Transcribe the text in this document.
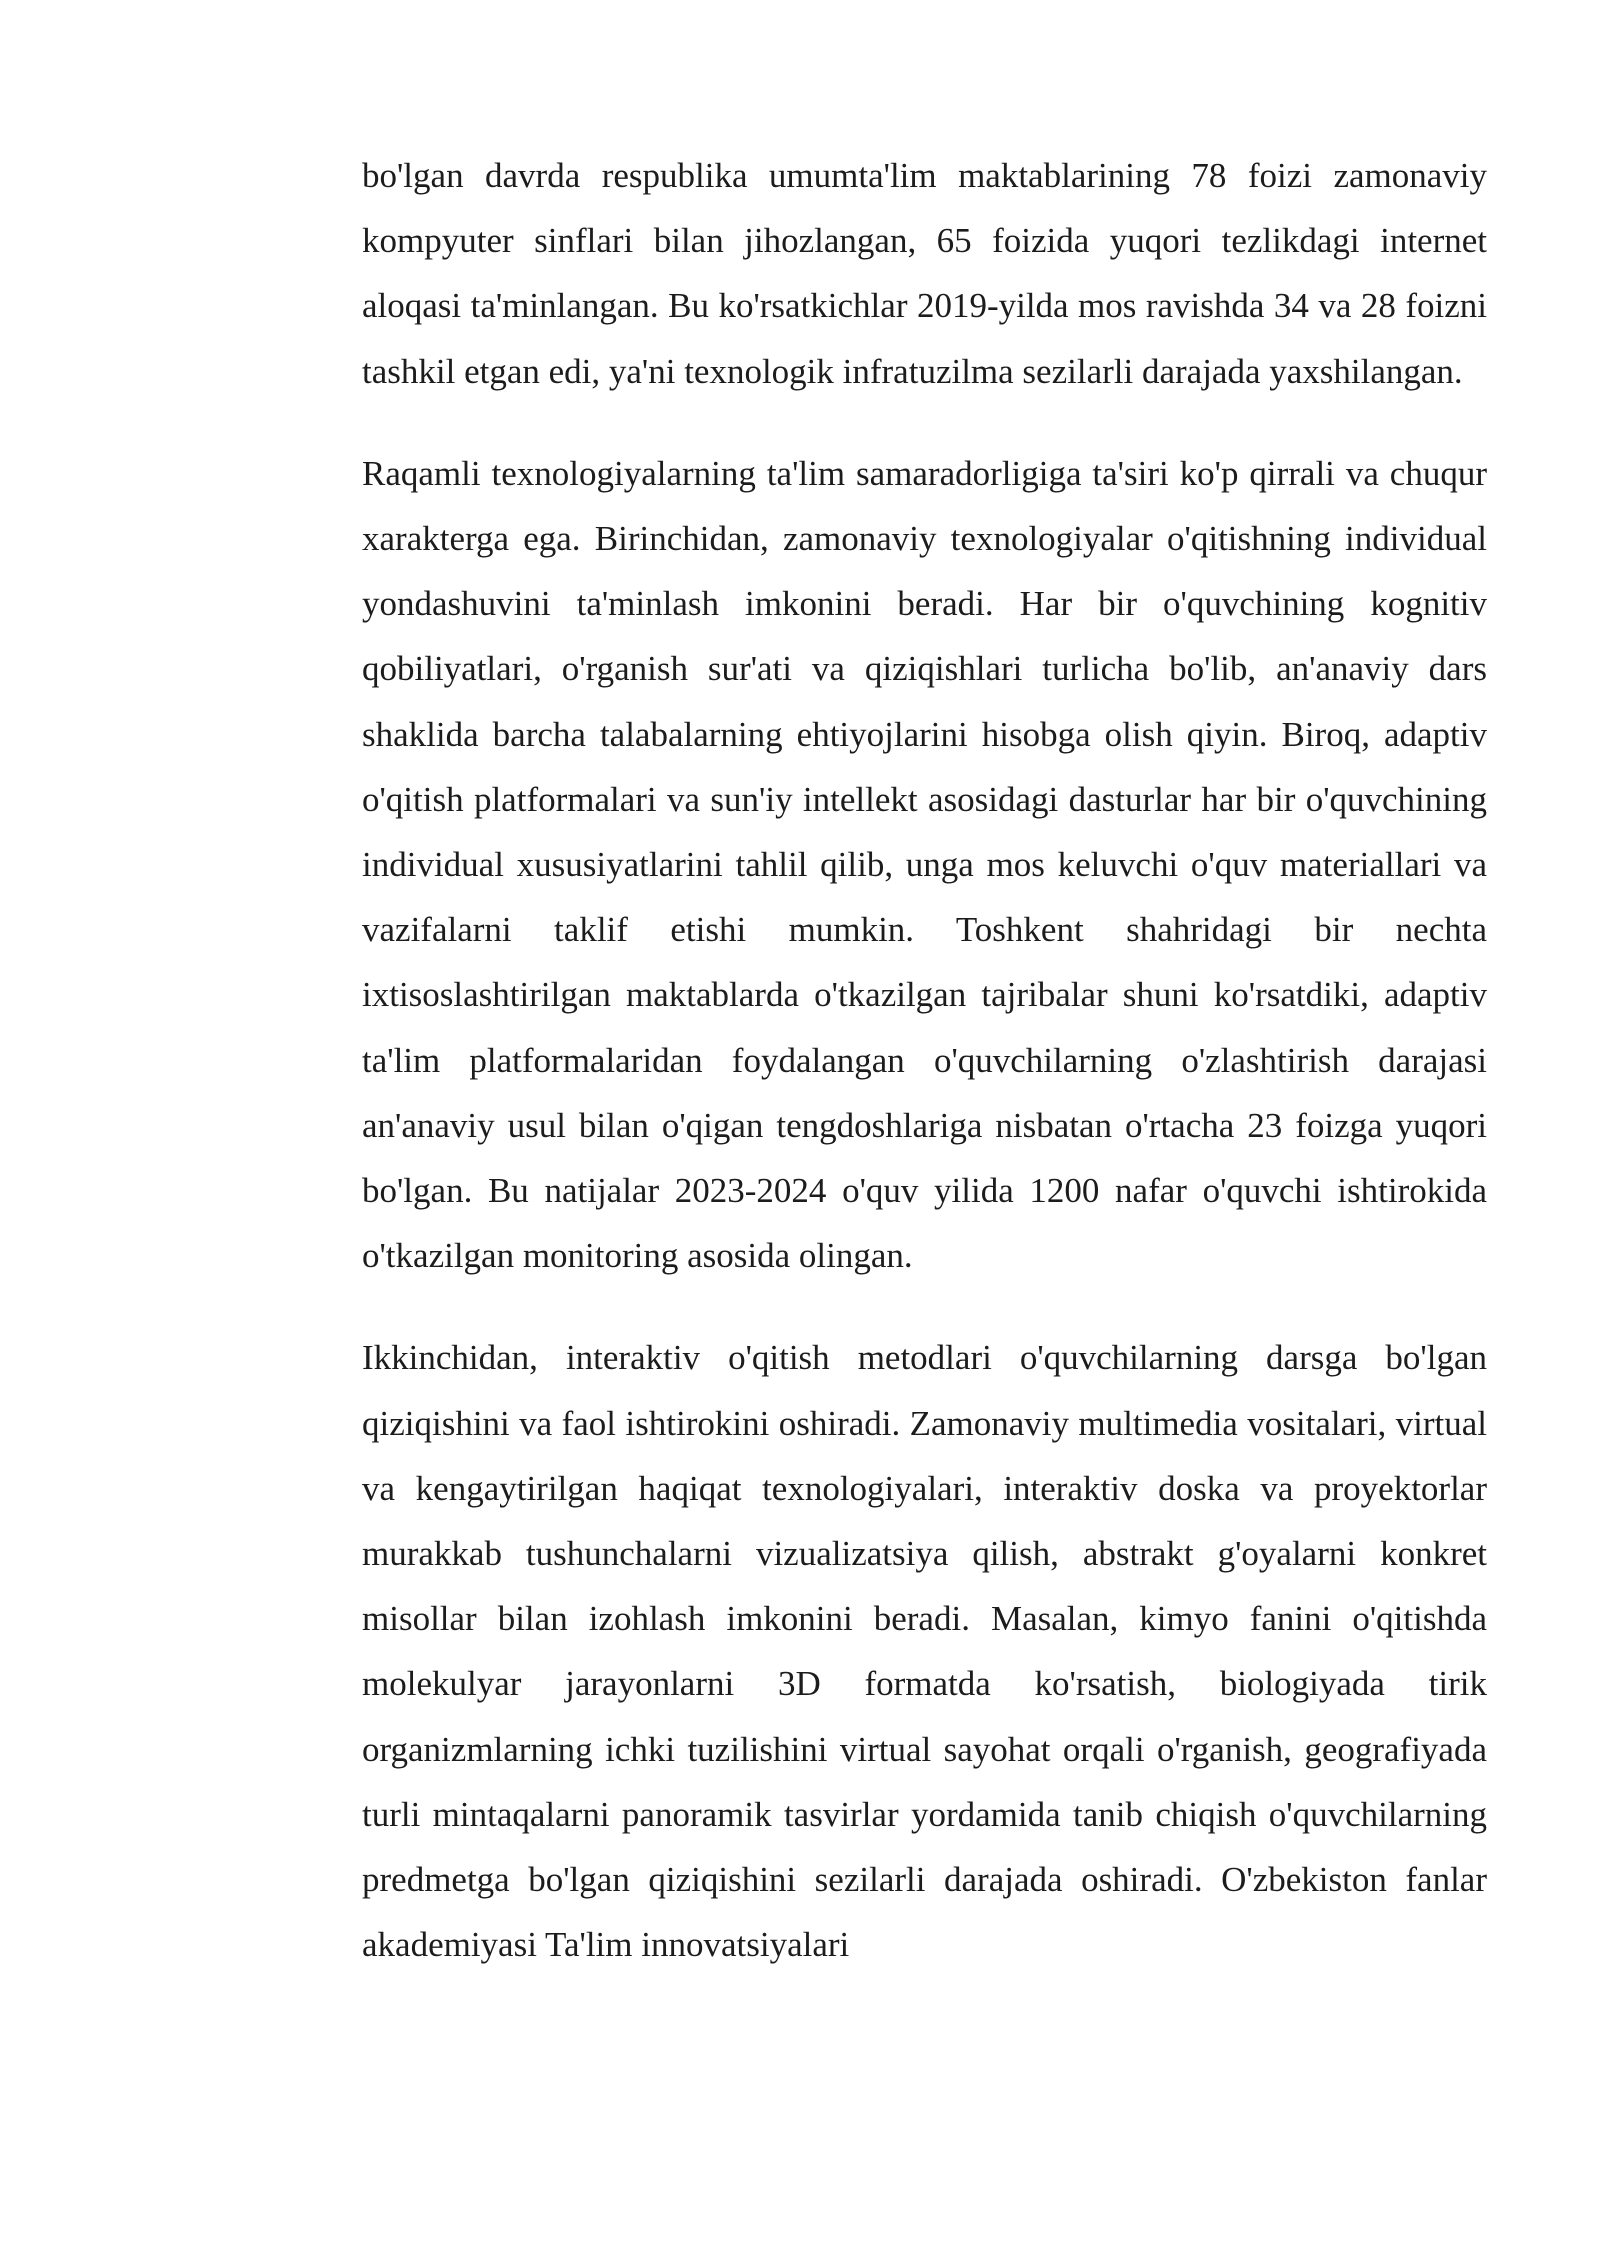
bo'lgan davrda respublika umumta'lim maktablarining 78 foizi zamonaviy kompyuter sinflari bilan jihozlangan, 65 foizida yuqori tezlikdagi internet aloqasi ta'minlangan. Bu ko'rsatkichlar 2019-yilda mos ravishda 34 va 28 foizni tashkil etgan edi, ya'ni texnologik infratuzilma sezilarli darajada yaxshilangan.

Raqamli texnologiyalarning ta'lim samaradorligiga ta'siri ko'p qirrali va chuqur xarakterga ega. Birinchidan, zamonaviy texnologiyalar o'qitishning individual yondashuvini ta'minlash imkonini beradi. Har bir o'quvchining kognitiv qobiliyatlari, o'rganish sur'ati va qiziqishlari turlicha bo'lib, an'anaviy dars shaklida barcha talabalarning ehtiyojlarini hisobga olish qiyin. Biroq, adaptiv o'qitish platformalari va sun'iy intellekt asosidagi dasturlar har bir o'quvchining individual xususiyatlarini tahlil qilib, unga mos keluvchi o'quv materiallari va vazifalarni taklif etishi mumkin. Toshkent shahridagi bir nechta ixtisoslashtirilgan maktablarda o'tkazilgan tajribalar shuni ko'rsatdiki, adaptiv ta'lim platformalaridan foydalangan o'quvchilarning o'zlashtirish darajasi an'anaviy usul bilan o'qigan tengdoshlariga nisbatan o'rtacha 23 foizga yuqori bo'lgan. Bu natijalar 2023-2024 o'quv yilida 1200 nafar o'quvchi ishtirokida o'tkazilgan monitoring asosida olingan.

Ikkinchidan, interaktiv o'qitish metodlari o'quvchilarning darsga bo'lgan qiziqishini va faol ishtirokini oshiradi. Zamonaviy multimedia vositalari, virtual va kengaytirilgan haqiqat texnologiyalari, interaktiv doska va proyektorlar murakkab tushunchalarni vizualizatsiya qilish, abstrakt g'oyalarni konkret misollar bilan izohlash imkonini beradi. Masalan, kimyo fanini o'qitishda molekulyar jarayonlarni 3D formatda ko'rsatish, biologiyada tirik organizmlarning ichki tuzilishini virtual sayohat orqali o'rganish, geografiyada turli mintaqalarni panoramik tasvirlar yordamida tanib chiqish o'quvchilarning predmetga bo'lgan qiziqishini sezilarli darajada oshiradi. O'zbekiston fanlar akademiyasi Ta'lim innovatsiyalari
